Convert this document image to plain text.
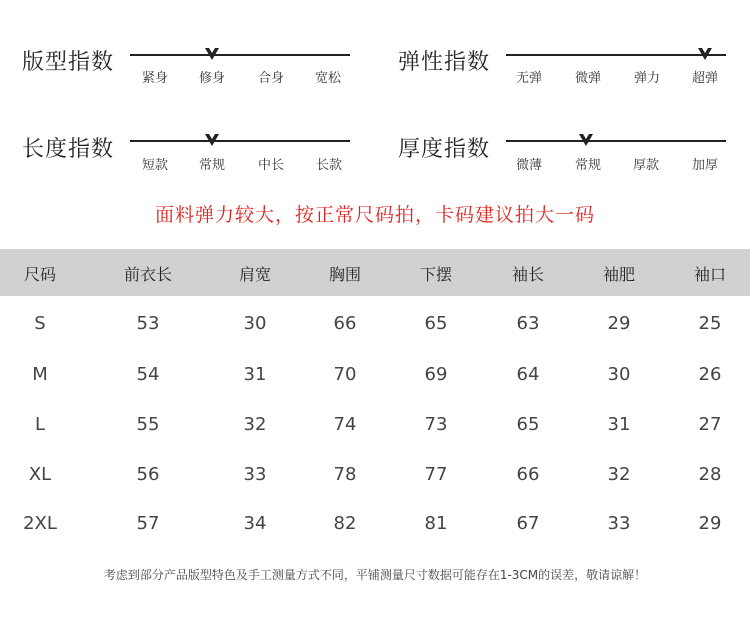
版型指数
紧身 修身	合身 宽松
弹性指数
无弹	微弹	弹力 超弹
长度指数
短款 常规	中长 长款
厚度指数
微薄	常规 厚款	加厚
面料弹力较大，按正常尺码拍，卡码建议拍大一码
尺码	前衣长	肩宽	胸围	下摆	袖长	袖肥	袖口
S	53	30	66	65	63	29	25
M	54	31	70	69	64	30	26
L	55	32	74	73	65	31	27
XL	56	33	78	77	66	32	28
2XL	57	34	82	81	67	33	29
考虑到部分产品版型特色及手工测量方式不同，平铺测量尺寸数据可能存在1-3CM的误差，敬请谅解！
